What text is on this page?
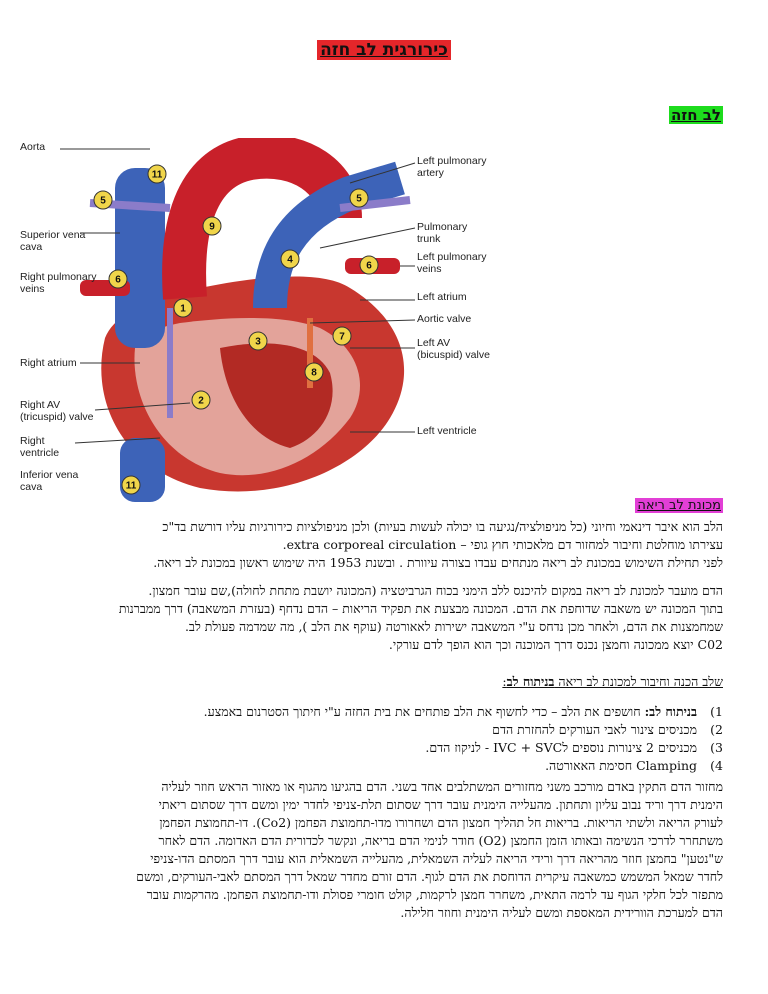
כירורגית לב חזה
לב חזה
11
5	5
9
6
6
4
1
3	7
8
2
11
Aorta
Superior vena
cava
Right pulmonary
veins
Right atrium
Right AV
(tricuspid) valve
Right
ventricle
Inferior vena
cava
Left pulmonary
artery
Pulmonary
trunk
Left pulmonary
veins
Left atrium
Aortic valve
Left AV
(bicuspid) valve
Left ventricle
מכונת לב ריאה

הלב הוא איבר דינאמי וחיוני (כל מניפולציה/נגיעה בו יכולה לעשות בעיות) ולכן מניפולציות כירורגיות עליו דורשת בד"כ

עצירתו מוחלטת וחיבור למחזור דם מלאכותי חוץ גופי – extra corporeal circulation.

לפני תחילת השימוש במכונת לב ריאה מנתחים עבדו בצורה עיוורת . ובשנת 1953 היה שימוש ראשון במכונת לב ריאה.

הדם מועבר למכונת לב ריאה במקום להיכנס ללב הימני בכוח הגרביטציה (המכונה יושבת מתחת לחולה),שם עובר חמצון.

בתוך המכונה יש משאבה שדוחפת את הדם. המכונה מבצעת את תפקיד הריאות – הדם נדחף (בעזרת המשאבה) דרך ממברנות

שמחמצנות את הדם, ולאחר מכן נדחס ע"י המשאבה ישירות לאאורטה (עוקף את הלב ), מה שמדמה פעולת לב.

C02 יוצא ממכונה וחמצן נכנס דרך המוכנה וכך הוא הופך לדם עורקי.

שלב הכנה וחיבור למכונת לב ריאה בניתוח לב:

1)בניתוח לב: חושפים את הלב – כדי לחשוף את הלב פותחים את בית החזה ע"י חיתוך הסטרנום באמצע.
2)מכניסים צינור לאבי העורקים להחזרת הדם
3)מכניסים 2 צינורות נוספים לIVC + SVC - לניקוז הדם.
4)Clamping חסימת האאורטה.

מחזור הדם התקין באדם מורכב משני מחזורים המשתלבים אחד בשני. הדם בהגיעו מהגוף או מאזור הראש חוזר לעליה

הימנית דרך וריד נבוב עליון ותחתון. מהעלייה הימנית עובר דרך שסתום תלת-צניפי לחדר ימין ומשם דרך שסתום ריאתי

לעורק הריאה ולשתי הריאות. בריאות חל תהליך חמצון הדם ושחרורו מדו-תחמוצת הפחמן (Co2). דו-תחמוצת הפחמן

משתחרר לדרכי הנשימה ובאותו הזמן החמצן (O2) חודר לנימי הדם בריאה, ונקשר לכדורית הדם האדומה. הדם לאחר

ש"נטען" בחמצן חוזר מהריאה דרך ורידי הריאה לעליה השמאלית, מהעלייה השמאלית הוא עובר דרך המסתם הדו-צניפי

לחדר שמאל המשמש כמשאבה עיקרית הדוחסת את הדם לגוף. הדם זורם מחדר שמאל דרך המסתם לאבי-העורקים, ומשם

מתפזר לכל חלקי הגוף עד לרמה התאית, משחרר חמצן לרקמות, קולט חומרי פסולת ודו-תחמוצת הפחמן. מהרקמות עובר

הדם למערכת הוורידית המאספת ומשם לעליה הימנית וחוזר חלילה.
